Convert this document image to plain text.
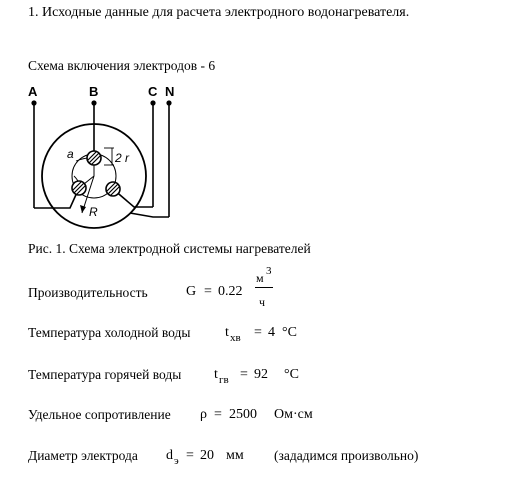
1. Исходные данные для расчета электродного водонагревателя.
Схема включения электродов - 6
A	B	C N
a	2 r
R
Рис. 1. Схема электродной системы нагревателей
Производительность	G = 0.22
м 3
ч
Температура холодной воды t хв = 4 °C
Температура горячей воды t гв = 92 °C
Удельное сопротивление ρ = 2500 Ом·см
Диаметр электрода d э = 20 мм (зададимся произвольно)
